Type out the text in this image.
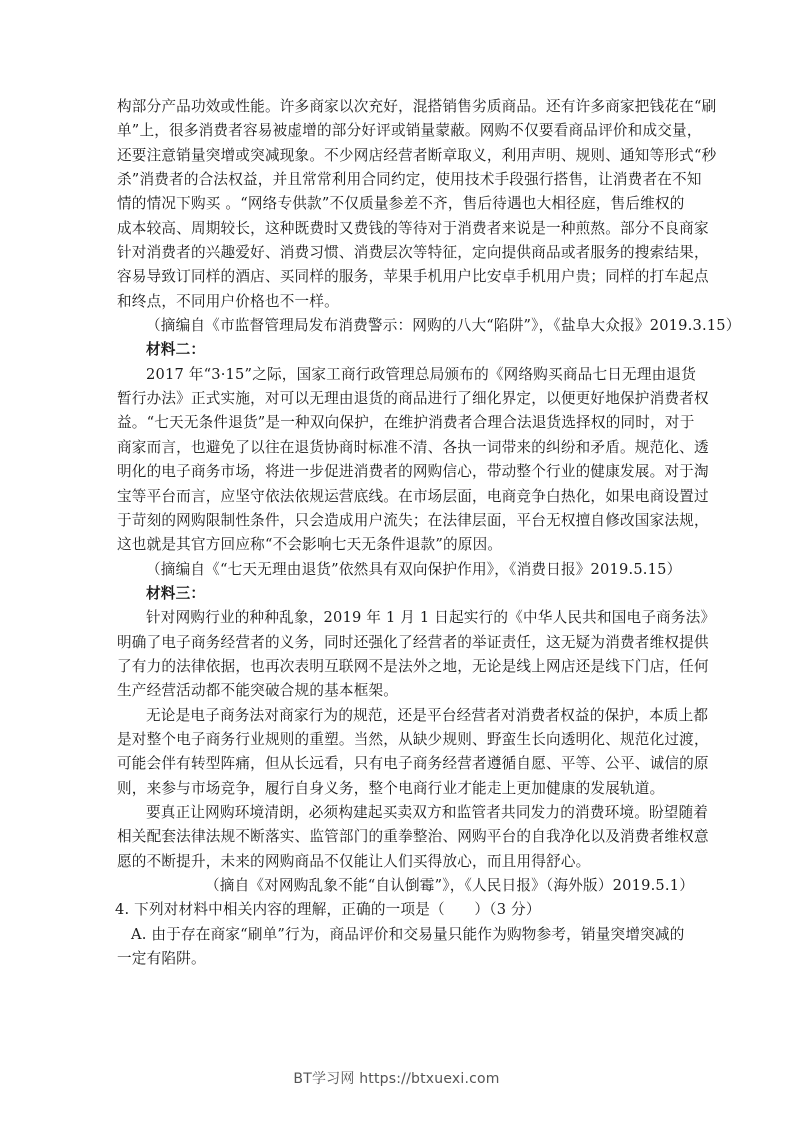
构部分产品功效或性能。许多商家以次充好，混搭销售劣质商品。还有许多商家把钱花在“刷
单”上，很多消费者容易被虚增的部分好评或销量蒙蔽。网购不仅要看商品评价和成交量，
还要注意销量突增或突减现象。不少网店经营者断章取义，利用声明、规则、通知等形式“秒
杀”消费者的合法权益，并且常常利用合同约定，使用技术手段强行搭售，让消费者在不知
情的情况下购买 。“网络专供款”不仅质量参差不齐，售后待遇也大相径庭，售后维权的
成本较高、周期较长，这种既费时又费钱的等待对于消费者来说是一种煎熬。部分不良商家
针对消费者的兴趣爱好、消费习惯、消费层次等特征，定向提供商品或者服务的搜索结果，
容易导致订同样的酒店、买同样的服务，苹果手机用户比安卓手机用户贵；同样的打车起点
和终点，不同用户价格也不一样。
（摘编自《市监督管理局发布消费警示：网购的八大“陷阱”》，《盐阜大众报》2019.3.15）
材料二：
2017 年“3·15”之际，国家工商行政管理总局颁布的《网络购买商品七日无理由退货
暂行办法》正式实施，对可以无理由退货的商品进行了细化界定，以便更好地保护消费者权
益。“七天无条件退货”是一种双向保护，在维护消费者合理合法退货选择权的同时，对于
商家而言，也避免了以往在退货协商时标准不清、各执一词带来的纠纷和矛盾。规范化、透
明化的电子商务市场，将进一步促进消费者的网购信心，带动整个行业的健康发展。对于淘
宝等平台而言，应坚守依法依规运营底线。在市场层面，电商竞争白热化，如果电商设置过
于苛刻的网购限制性条件，只会造成用户流失；在法律层面，平台无权擅自修改国家法规，
这也就是其官方回应称“不会影响七天无条件退款”的原因。
（摘编自《“七天无理由退货”依然具有双向保护作用》，《消费日报》2019.5.15）
材料三：
针对网购行业的种种乱象，2019 年 1 月 1 日起实行的《中华人民共和国电子商务法》
明确了电子商务经营者的义务，同时还强化了经营者的举证责任，这无疑为消费者维权提供
了有力的法律依据，也再次表明互联网不是法外之地，无论是线上网店还是线下门店，任何
生产经营活动都不能突破合规的基本框架。
无论是电子商务法对商家行为的规范，还是平台经营者对消费者权益的保护，本质上都
是对整个电子商务行业规则的重塑。当然，从缺少规则、野蛮生长向透明化、规范化过渡，
可能会伴有转型阵痛，但从长远看，只有电子商务经营者遵循自愿、平等、公平、诚信的原
则，来参与市场竞争，履行自身义务，整个电商行业才能走上更加健康的发展轨道。
要真正让网购环境清朗，必须构建起买卖双方和监管者共同发力的消费环境。盼望随着
相关配套法律法规不断落实、监管部门的重拳整治、网购平台的自我净化以及消费者维权意
愿的不断提升，未来的网购商品不仅能让人们买得放心，而且用得舒心。
（摘自《对网购乱象不能“自认倒霉”》，《人民日报》（海外版）2019.5.1）
4. 下列对材料中相关内容的理解，正确的一项是（　　）（3 分）
A. 由于存在商家“刷单”行为，商品评价和交易量只能作为购物参考，销量突增突减的
一定有陷阱。
BT学习网 https://btxuexi.com
